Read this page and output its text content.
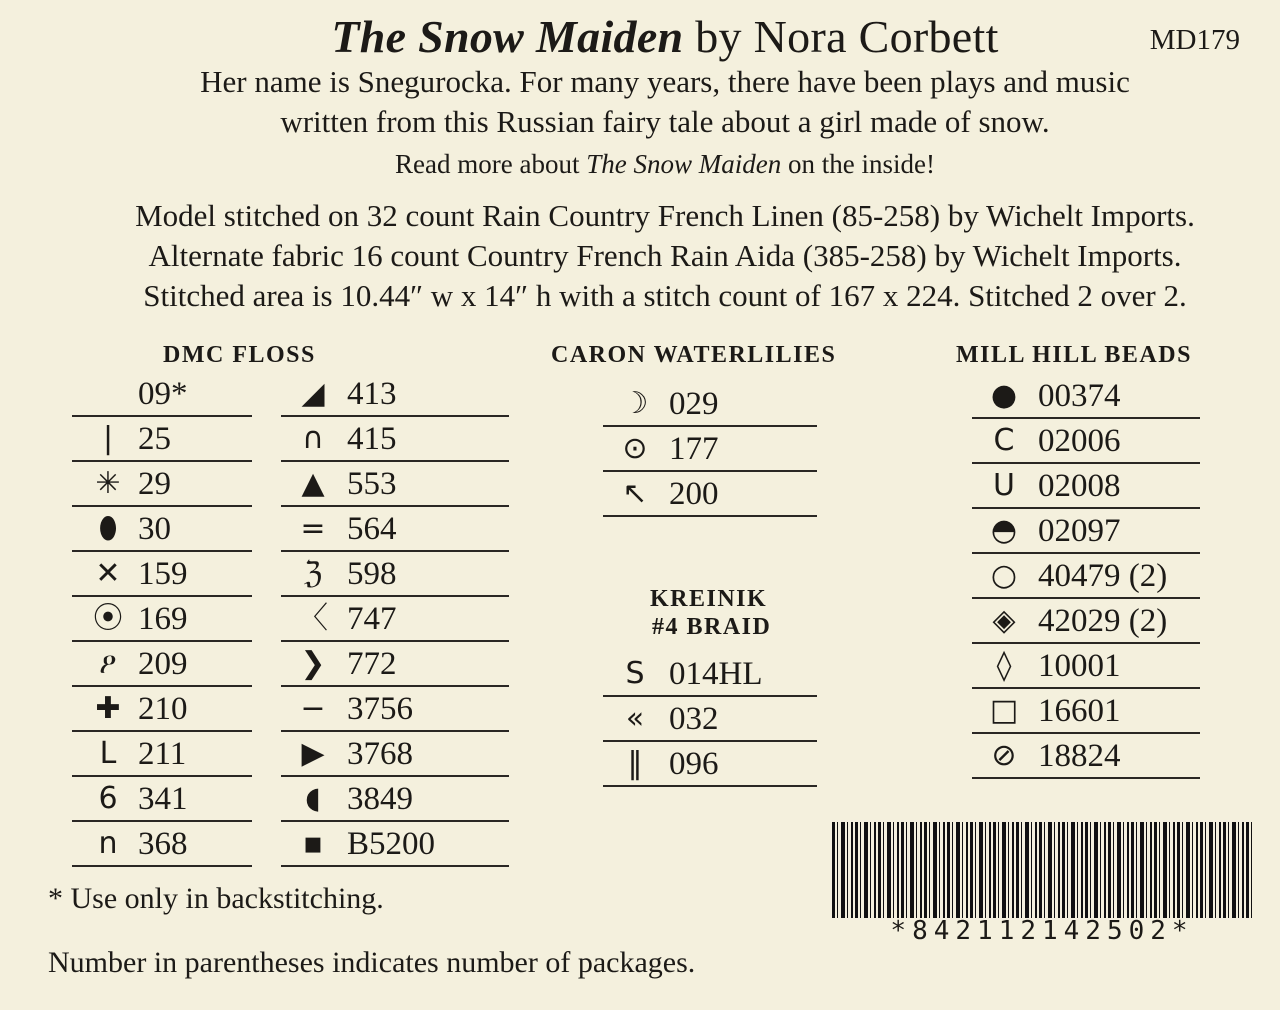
The Snow Maiden by Nora Corbett	MD179
Her name is Snegurocka. For many years, there have been plays and music
written from this Russian fairy tale about a girl made of snow.
Read more about The Snow Maiden on the inside!
Model stitched on 32 count Rain Country French Linen (85-258) by Wichelt Imports.
Alternate fabric 16 count Country French Rain Aida (385-258) by Wichelt Imports.
Stitched area is 10.44″ w x 14″ h with a stitch count of 167 x 224. Stitched 2 over 2.
DMC FLOSS	CARON WATERLILIES	MILL HILL BEADS
KREINIK
#4 BRAID
09*
| 25
✳ 29
⬮ 30
✕ 159
⦿ 169
ዖ 209
✚ 210
L 211
6 341
n 368
◢ 413
∩ 415
▲ 553
= 564
ℨ 598
〈 747
❯ 772
− 3756
▶ 3768
◖ 3849
▪ B5200
☽ 029
⊙ 177
↖ 200
S 014HL
« 032
‖ 096
● 00374
C 02006
U 02008
◓ 02097
○ 40479 (2)
◈ 42029 (2)
◊ 10001
□ 16601
⊘ 18824
* Use only in backstitching.
Number in parentheses indicates number of packages.
*842112142502*
